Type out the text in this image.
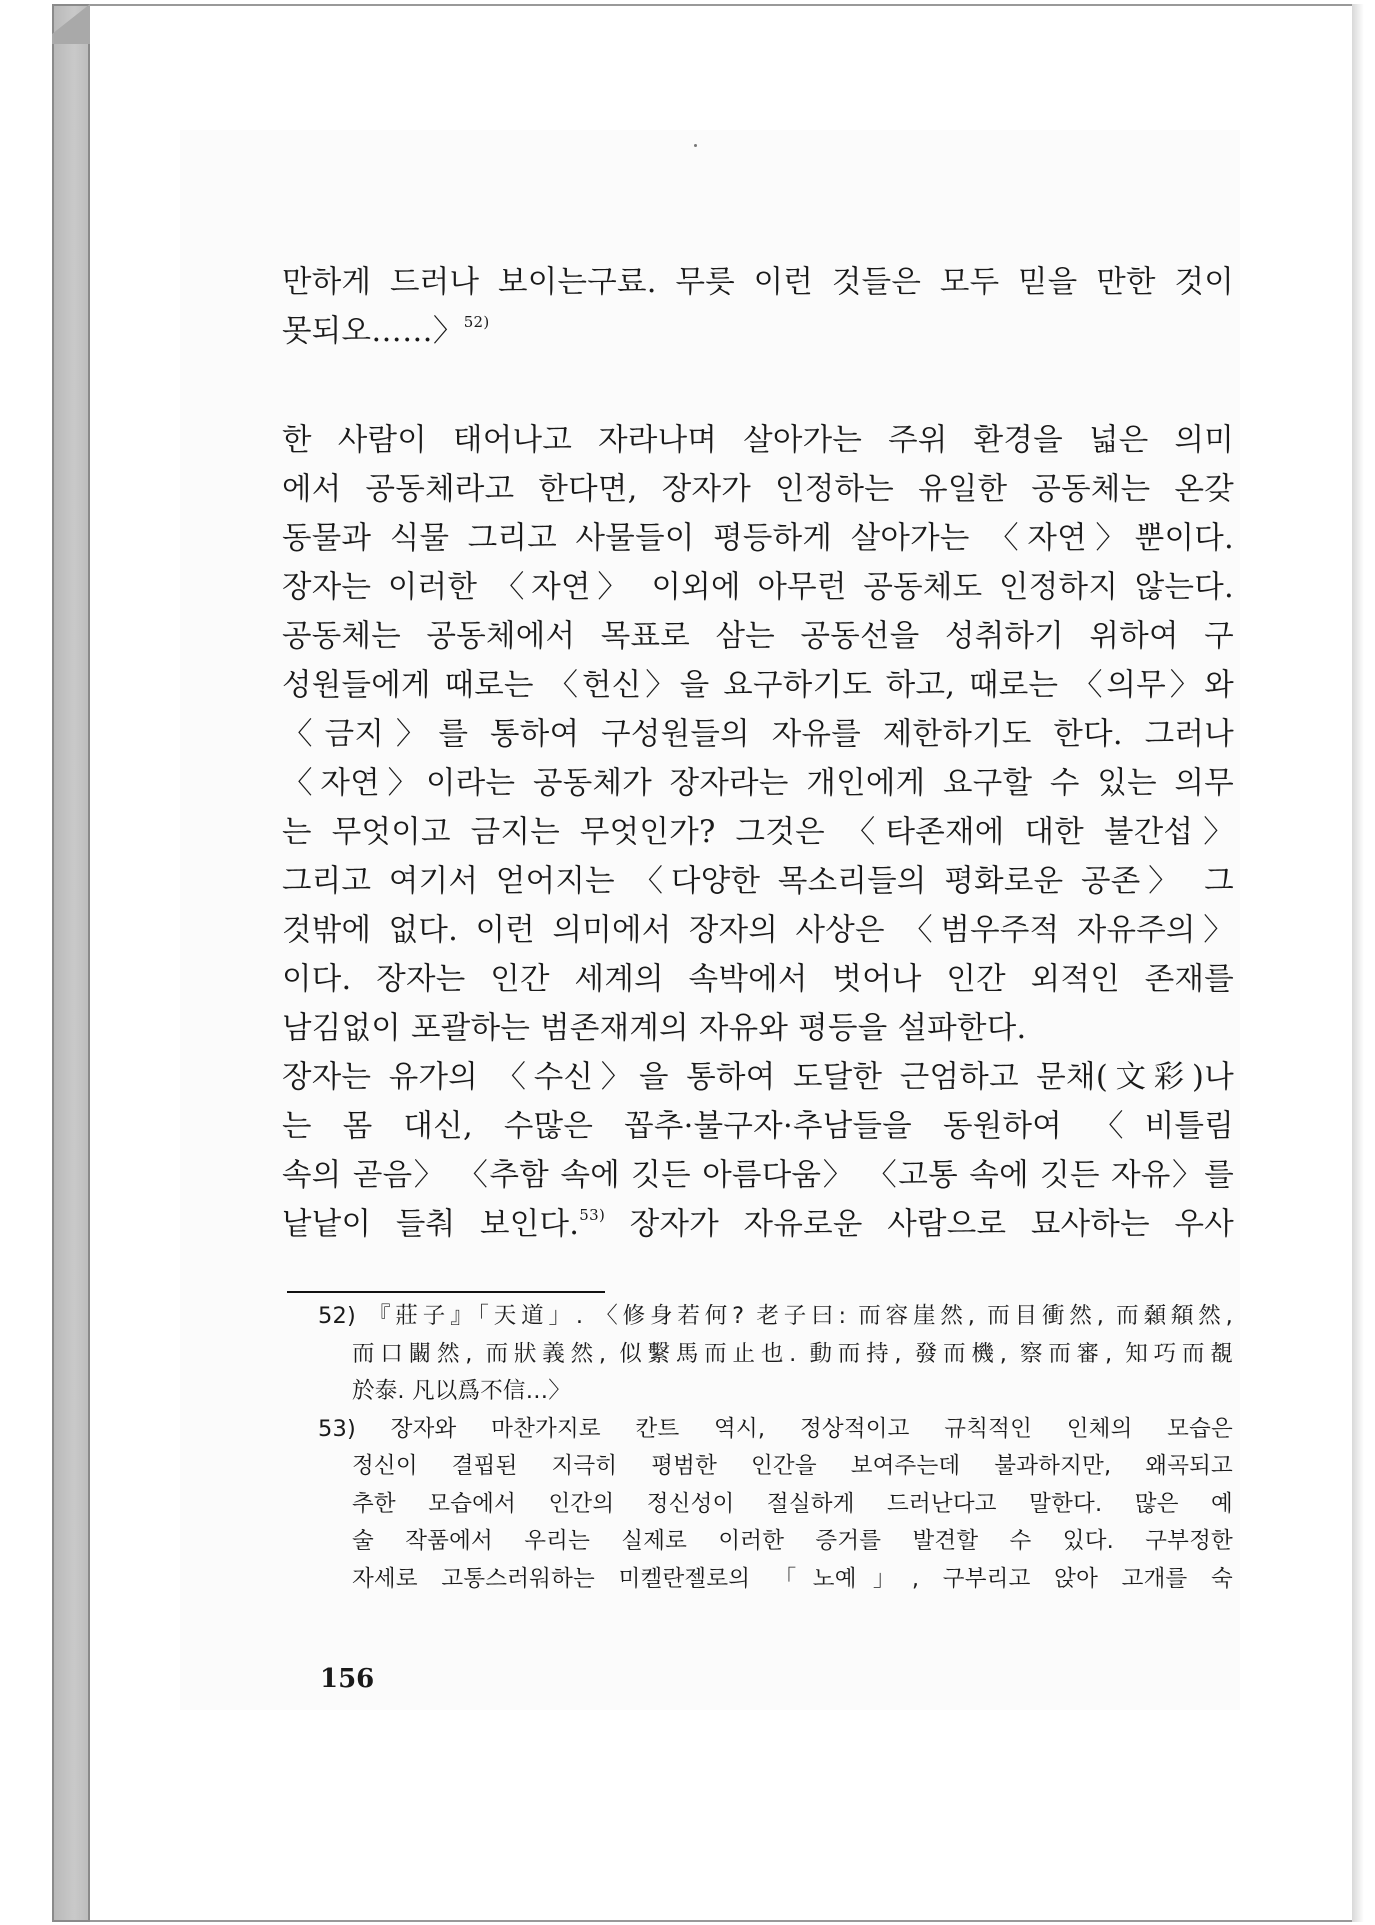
만하게 드러나 보이는구료. 무릇 이런 것들은 모두 믿을 만한 것이
못되오……〉$^{52)}$
한 사람이 태어나고 자라나며 살아가는 주위 환경을 넓은 의미
에서 공동체라고 한다면, 장자가 인정하는 유일한 공동체는 온갖
동물과 식물 그리고 사물들이 평등하게 살아가는 〈자연〉뿐이다.
장자는 이러한 〈자연〉 이외에 아무런 공동체도 인정하지 않는다.
공동체는 공동체에서 목표로 삼는 공동선을 성취하기 위하여 구
성원들에게 때로는 〈헌신〉을 요구하기도 하고, 때로는 〈의무〉와
〈금지〉를 통하여 구성원들의 자유를 제한하기도 한다. 그러나
〈자연〉이라는 공동체가 장자라는 개인에게 요구할 수 있는 의무
는 무엇이고 금지는 무엇인가? 그것은 〈타존재에 대한 불간섭〉
그리고 여기서 얻어지는 〈다양한 목소리들의 평화로운 공존〉 그
것밖에 없다. 이런 의미에서 장자의 사상은 〈범우주적 자유주의〉
이다. 장자는 인간 세계의 속박에서 벗어나 인간 외적인 존재를
남김없이 포괄하는 범존재계의 자유와 평등을 설파한다.
장자는 유가의 〈수신〉을 통하여 도달한 근엄하고 문채(文彩)나
는 몸 대신, 수많은 꼽추·불구자·추남들을 동원하여 〈비틀림
속의 곧음〉 〈추함 속에 깃든 아름다움〉 〈고통 속에 깃든 자유〉를
낱낱이 들춰 보인다.$^{53)}$ 장자가 자유로운 사람으로 묘사하는 우사
52) 『莊子』「天道」. 〈修身若何? 老子曰: 而容崖然, 而目衝然, 而顙頯然,
而口闞然, 而狀義然, 似繫馬而止也. 動而持, 發而機, 察而審, 知巧而覩
於泰. 凡以爲不信…〉
53) 장자와 마찬가지로 칸트 역시, 정상적이고 규칙적인 인체의 모습은
정신이 결핍된 지극히 평범한 인간을 보여주는데 불과하지만, 왜곡되고
추한 모습에서 인간의 정신성이 절실하게 드러난다고 말한다. 많은 예
술 작품에서 우리는 실제로 이러한 증거를 발견할 수 있다. 구부정한
자세로 고통스러워하는 미켈란젤로의 「노예」, 구부리고 앉아 고개를 숙
156
